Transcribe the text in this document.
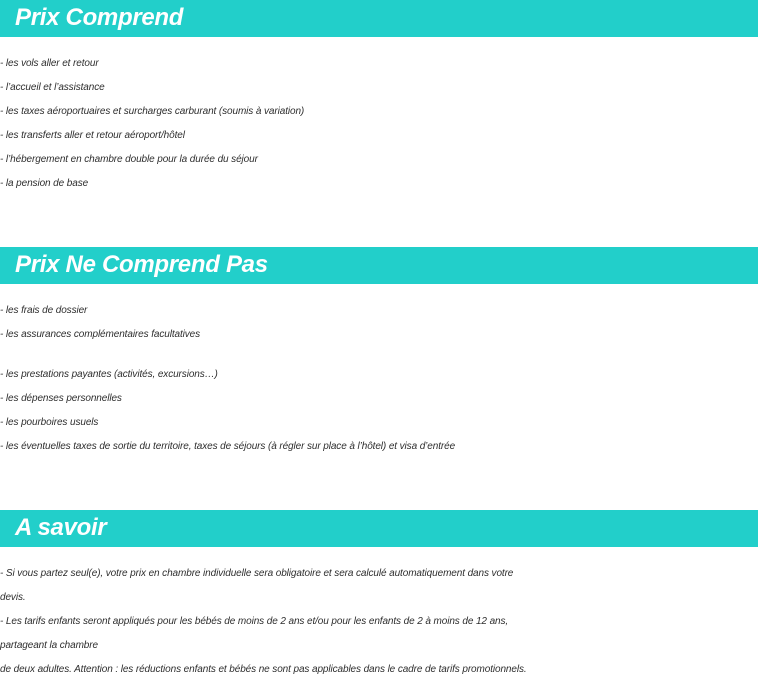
Prix Comprend
- les vols aller et retour
- l’accueil et l’assistance
- les taxes aéroportuaires et surcharges carburant (soumis à variation)
- les transferts aller et retour aéroport/hôtel
- l’hébergement en chambre double pour la durée du séjour
- la pension de base
Prix Ne Comprend Pas
- les frais de dossier
- les assurances complémentaires facultatives
- les prestations payantes (activités, excursions…)
- les dépenses personnelles
- les pourboires usuels
- les éventuelles taxes de sortie du territoire, taxes de séjours (à régler sur place à l’hôtel) et visa d’entrée
A savoir
- Si vous partez seul(e), votre prix en chambre individuelle sera obligatoire et sera calculé automatiquement dans votre
devis.
- Les tarifs enfants seront appliqués pour les bébés de moins de 2 ans et/ou pour les enfants de 2 à moins de 12 ans,
partageant la chambre
de deux adultes. Attention : les réductions enfants et bébés ne sont pas applicables dans le cadre de tarifs promotionnels.
